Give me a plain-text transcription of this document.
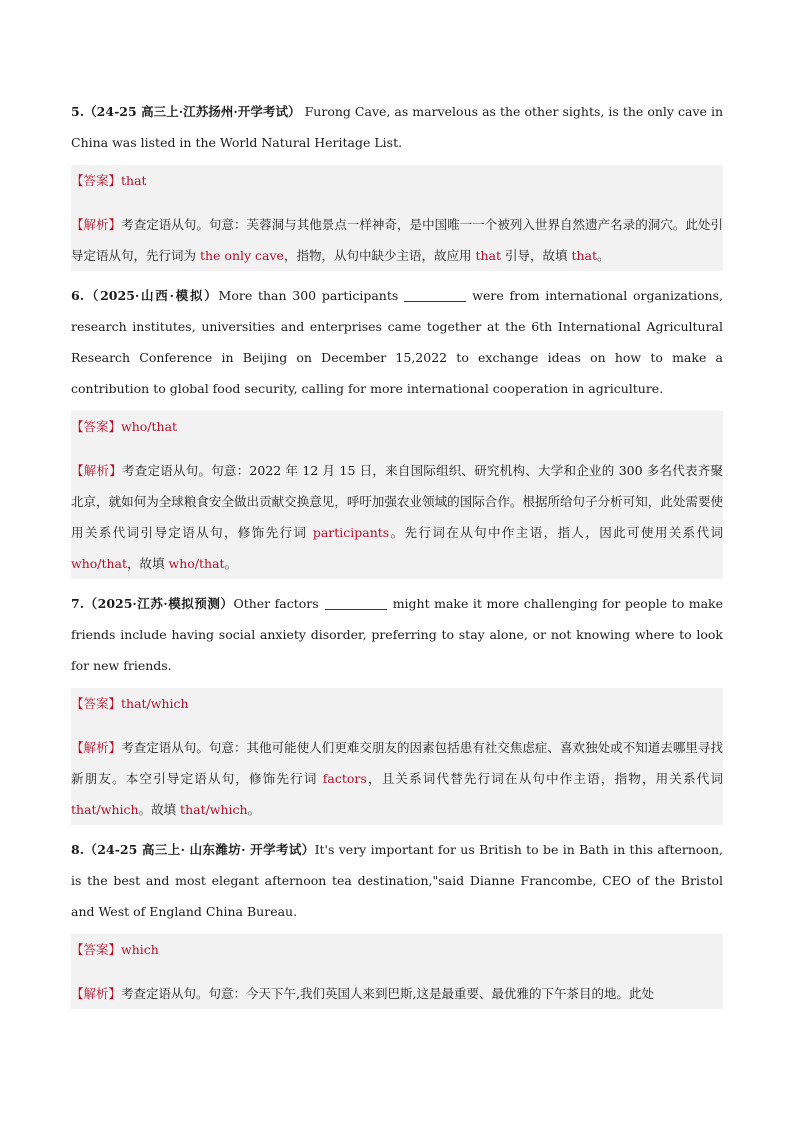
5.（24-25 高三上·江苏扬州·开学考试） Furong Cave, as marvelous as the other sights, is the only cave in China was listed in the World Natural Heritage List.

【答案】that
【解析】考查定语从句。句意：芙蓉洞与其他景点一样神奇，是中国唯一一个被列入世界自然遗产名录的洞穴。此处引导定语从句，先行词为 the only cave，指物，从句中缺少主语，故应用 that 引导，故填 that。

6.（2025·山西·模拟）More than 300 participants	were from international organizations, research institutes, universities and enterprises came together at the 6th International Agricultural Research Conference in Beijing on December 15,2022 to exchange ideas on how to make a contribution to global food security, calling for more international cooperation in agriculture.

【答案】who/that
【解析】考查定语从句。句意：2022 年 12 月 15 日，来自国际组织、研究机构、大学和企业的 300 多名代表齐聚北京，就如何为全球粮食安全做出贡献交换意见，呼吁加强农业领域的国际合作。根据所给句子分析可知，此处需要使用关系代词引导定语从句，修饰先行词 participants。先行词在从句中作主语，指人，因此可使用关系代词 who/that，故填 who/that。

7.（2025·江苏·模拟预测）Other factors	might make it more challenging for people to make friends include having social anxiety disorder, preferring to stay alone, or not knowing where to look for new friends.

【答案】that/which
【解析】考查定语从句。句意：其他可能使人们更难交朋友的因素包括患有社交焦虑症、喜欢独处或不知道去哪里寻找新朋友。本空引导定语从句，修饰先行词 factors，且关系词代替先行词在从句中作主语，指物，用关系代词 that/which。故填 that/which。

8.（24-25 高三上· 山东潍坊· 开学考试）It's very important for us British to be in Bath in this afternoon, is the best and most elegant afternoon tea destination,"said Dianne Francombe, CEO of the Bristol and West of England China Bureau.

【答案】which
【解析】考查定语从句。句意：今天下午,我们英国人来到巴斯,这是最重要、最优雅的下午茶目的地。此处
